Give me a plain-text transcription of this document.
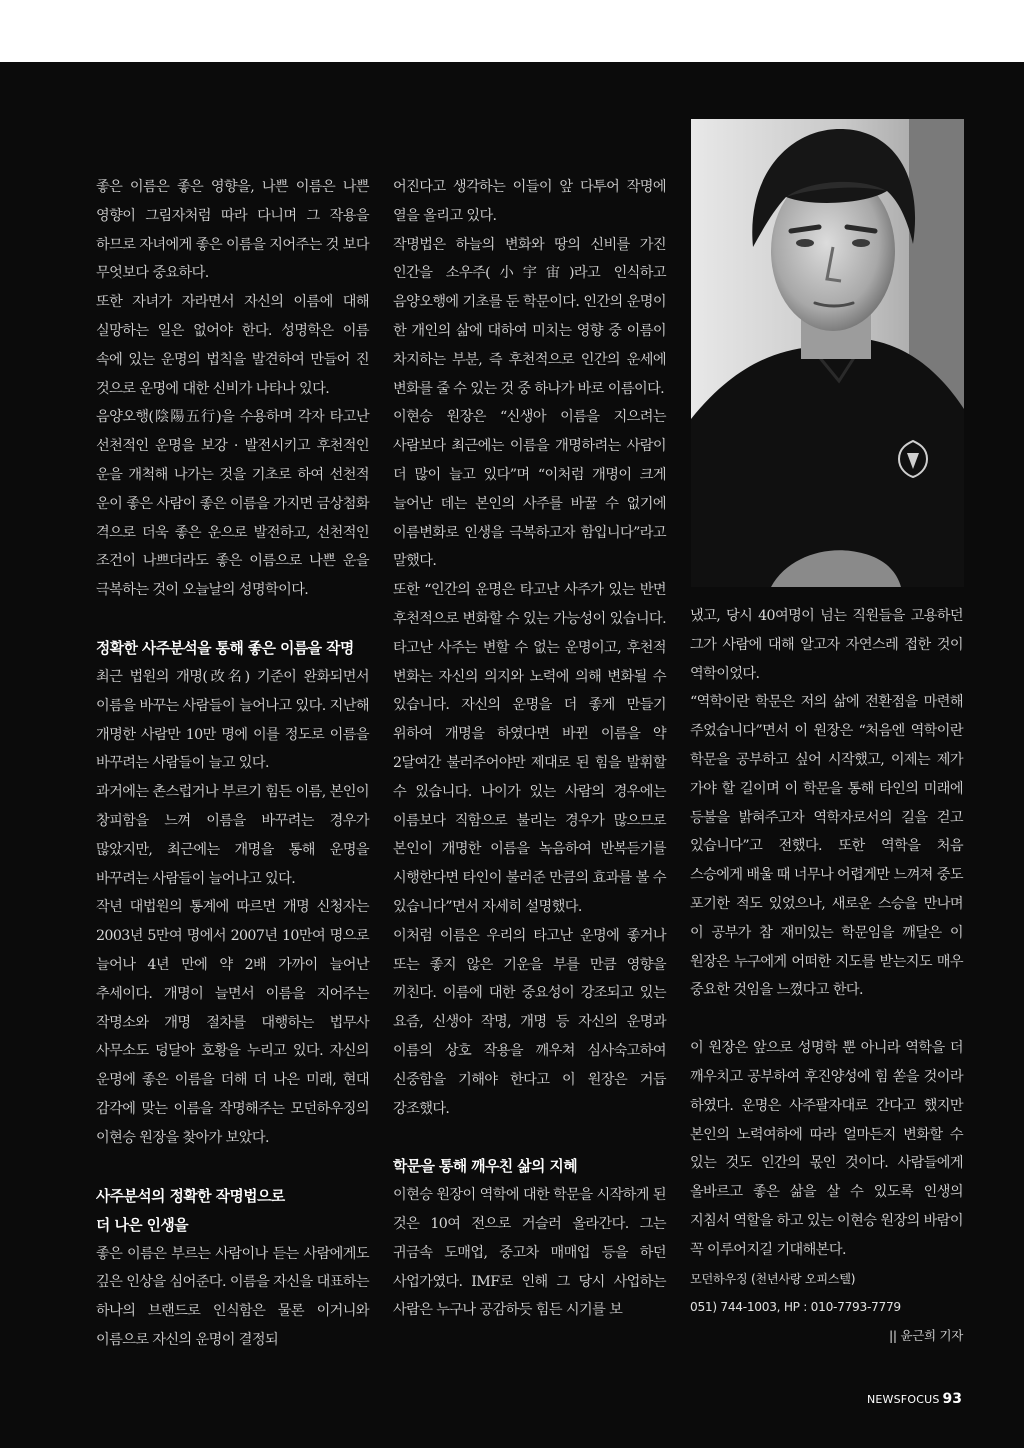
좋은 이름은 좋은 영향을, 나쁜 이름은 나쁜 영향이 그림자처럼 따라 다니며 그 작용을 하므로 자녀에게 좋은 이름을 지어주는 것 보다 무엇보다 중요하다.

또한 자녀가 자라면서 자신의 이름에 대해 실망하는 일은 없어야 한다. 성명학은 이름 속에 있는 운명의 법칙을 발견하여 만들어 진 것으로 운명에 대한 신비가 나타나 있다.

음양오행(陰陽五行)을 수용하며 각자 타고난 선천적인 운명을 보강 · 발전시키고 후천적인 운을 개척해 나가는 것을 기초로 하여 선천적 운이 좋은 사람이 좋은 이름을 가지면 금상첨화 격으로 더욱 좋은 운으로 발전하고, 선천적인 조건이 나쁘더라도 좋은 이름으로 나쁜 운을 극복하는 것이 오늘날의 성명학이다.

정확한 사주분석을 통해 좋은 이름을 작명

최근 법원의 개명(改名) 기준이 완화되면서 이름을 바꾸는 사람들이 늘어나고 있다. 지난해 개명한 사람만 10만 명에 이를 정도로 이름을 바꾸려는 사람들이 늘고 있다.

과거에는 촌스럽거나 부르기 힘든 이름, 본인이 창피함을 느껴 이름을 바꾸려는 경우가 많았지만, 최근에는 개명을 통해 운명을 바꾸려는 사람들이 늘어나고 있다.

작년 대법원의 통계에 따르면 개명 신청자는 2003년 5만여 명에서 2007년 10만여 명으로 늘어나 4년 만에 약 2배 가까이 늘어난 추세이다. 개명이 늘면서 이름을 지어주는 작명소와 개명 절차를 대행하는 법무사 사무소도 덩달아 호황을 누리고 있다. 자신의 운명에 좋은 이름을 더해 더 나은 미래, 현대 감각에 맞는 이름을 작명해주는 모던하우징의 이현승 원장을 찾아가 보았다.

사주분석의 정확한 작명법으로
더 나은 인생을

좋은 이름은 부르는 사람이나 듣는 사람에게도 깊은 인상을 심어준다. 이름을 자신을 대표하는 하나의 브랜드로 인식함은 물론 이거니와 이름으로 자신의 운명이 결정되

어진다고 생각하는 이들이 앞 다투어 작명에 열을 올리고 있다.

작명법은 하늘의 변화와 땅의 신비를 가진 인간을 소우주(小宇宙)라고 인식하고 음양오행에 기초를 둔 학문이다. 인간의 운명이 한 개인의 삶에 대하여 미치는 영향 중 이름이 차지하는 부분, 즉 후천적으로 인간의 운세에 변화를 줄 수 있는 것 중 하나가 바로 이름이다.

이현승 원장은 “신생아 이름을 지으려는 사람보다 최근에는 이름을 개명하려는 사람이 더 많이 늘고 있다”며 “이처럼 개명이 크게 늘어난 데는 본인의 사주를 바꿀 수 없기에 이름변화로 인생을 극복하고자 함입니다”라고 말했다.

또한 “인간의 운명은 타고난 사주가 있는 반면 후천적으로 변화할 수 있는 가능성이 있습니다. 타고난 사주는 변할 수 없는 운명이고, 후천적 변화는 자신의 의지와 노력에 의해 변화될 수 있습니다. 자신의 운명을 더 좋게 만들기 위하여 개명을 하였다면 바뀐 이름을 약 2달여간 불러주어야만 제대로 된 힘을 발휘할 수 있습니다. 나이가 있는 사람의 경우에는 이름보다 직함으로 불리는 경우가 많으므로 본인이 개명한 이름을 녹음하여 반복듣기를 시행한다면 타인이 불러준 만큼의 효과를 볼 수 있습니다”면서 자세히 설명했다.

이처럼 이름은 우리의 타고난 운명에 좋거나 또는 좋지 않은 기운을 부를 만큼 영향을 끼친다. 이름에 대한 중요성이 강조되고 있는 요즘, 신생아 작명, 개명 등 자신의 운명과 이름의 상호 작용을 깨우쳐 심사숙고하여 신중함을 기해야 한다고 이 원장은 거듭 강조했다.

학문을 통해 깨우친 삶의 지혜

이현승 원장이 역학에 대한 학문을 시작하게 된 것은 10여 전으로 거슬러 올라간다. 그는 귀금속 도매업, 중고차 매매업 등을 하던 사업가였다. IMF로 인해 그 당시 사업하는 사람은 누구나 공감하듯 힘든 시기를 보

냈고, 당시 40여명이 넘는 직원들을 고용하던 그가 사람에 대해 알고자 자연스레 접한 것이 역학이었다.

“역학이란 학문은 저의 삶에 전환점을 마련해 주었습니다”면서 이 원장은 “처음엔 역학이란 학문을 공부하고 싶어 시작했고, 이제는 제가 가야 할 길이며 이 학문을 통해 타인의 미래에 등불을 밝혀주고자 역학자로서의 길을 걷고 있습니다”고 전했다. 또한 역학을 처음 스승에게 배울 때 너무나 어렵게만 느껴져 중도 포기한 적도 있었으나, 새로운 스승을 만나며 이 공부가 참 재미있는 학문임을 깨달은 이 원장은 누구에게 어떠한 지도를 받는지도 매우 중요한 것임을 느꼈다고 한다.

이 원장은 앞으로 성명학 뿐 아니라 역학을 더 깨우치고 공부하여 후진양성에 힘 쏟을 것이라 하였다. 운명은 사주팔자대로 간다고 했지만 본인의 노력여하에 따라 얼마든지 변화할 수 있는 것도 인간의 몫인 것이다. 사람들에게 올바르고 좋은 삶을 살 수 있도록 인생의 지침서 역할을 하고 있는 이현승 원장의 바람이 꼭 이루어지길 기대해본다.

모던하우징 (천년사랑 오피스텔)

051) 744-1003, HP : 010-7793-7779

|| 윤근희 기자

NEWSFOCUS 93
